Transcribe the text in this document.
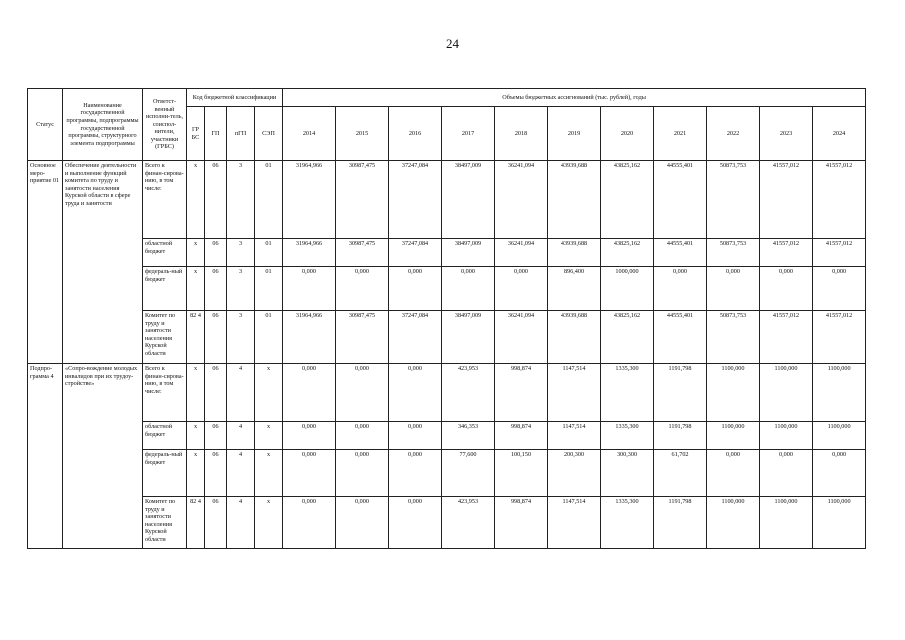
24
Статус	Наименование государственной программы, подпрограммы государственной программы, структурного элемента подпрограммы	Ответст-венный исполни-тель, соиспол-нители, участники (ГРБС)	Код бюджетной классификации				Объемы бюджетных ассигнований (тыс. рублей), годы										
			ГР БС	ГП	пГП	СЭП	2014	2015	2016	2017	2018	2019	2020	2021	2022	2023	2024
Основное меро-приятие 01	Обеспечение деятельности и выполнение функций комитета по труду и занятости населения Курской области в сфере труда и занятости	Всего к финан-сирова-нию, в том числе:	х	06	3	01	31964,966	30987,475	37247,084	38497,009	36241,094	43939,688	43825,162	44555,401	50873,753	41557,012	41557,012
		областной бюджет	х	06	3	01	31964,966	30987,475	37247,084	38497,009	36241,094	43939,688	43825,162	44555,401	50873,753	41557,012	41557,012
		федераль-ный бюджет	х	06	3	01	0,000	0,000	0,000	0,000	0,000	896,400	1000,000	0,000	0,000	0,000	0,000
		Комитет по труду и занятости населения Курской области	82 4	06	3	01	31964,966	30987,475	37247,084	38497,009	36241,094	43939,688	43825,162	44555,401	50873,753	41557,012	41557,012
Подпро-грамма 4	«Сопро-вождение молодых инвалидов при их трудоу-стройстве»	Всего к финан-сирова-нию, в том числе:	х	06	4	х	0,000	0,000	0,000	423,953	998,874	1147,514	1335,300	1191,798	1100,000	1100,000	1100,000
		областной бюджет	х	06	4	х	0,000	0,000	0,000	346,353	998,874	1147,514	1335,300	1191,798	1100,000	1100,000	1100,000
		федераль-ный бюджет	х	06	4	х	0,000	0,000	0,000	77,600	100,150	200,300	300,300	61,702	0,000	0,000	0,000
		Комитет по труду и занятости населения Курской области	82 4	06	4	х	0,000	0,000	0,000	423,953	998,874	1147,514	1335,300	1191,798	1100,000	1100,000	1100,000
